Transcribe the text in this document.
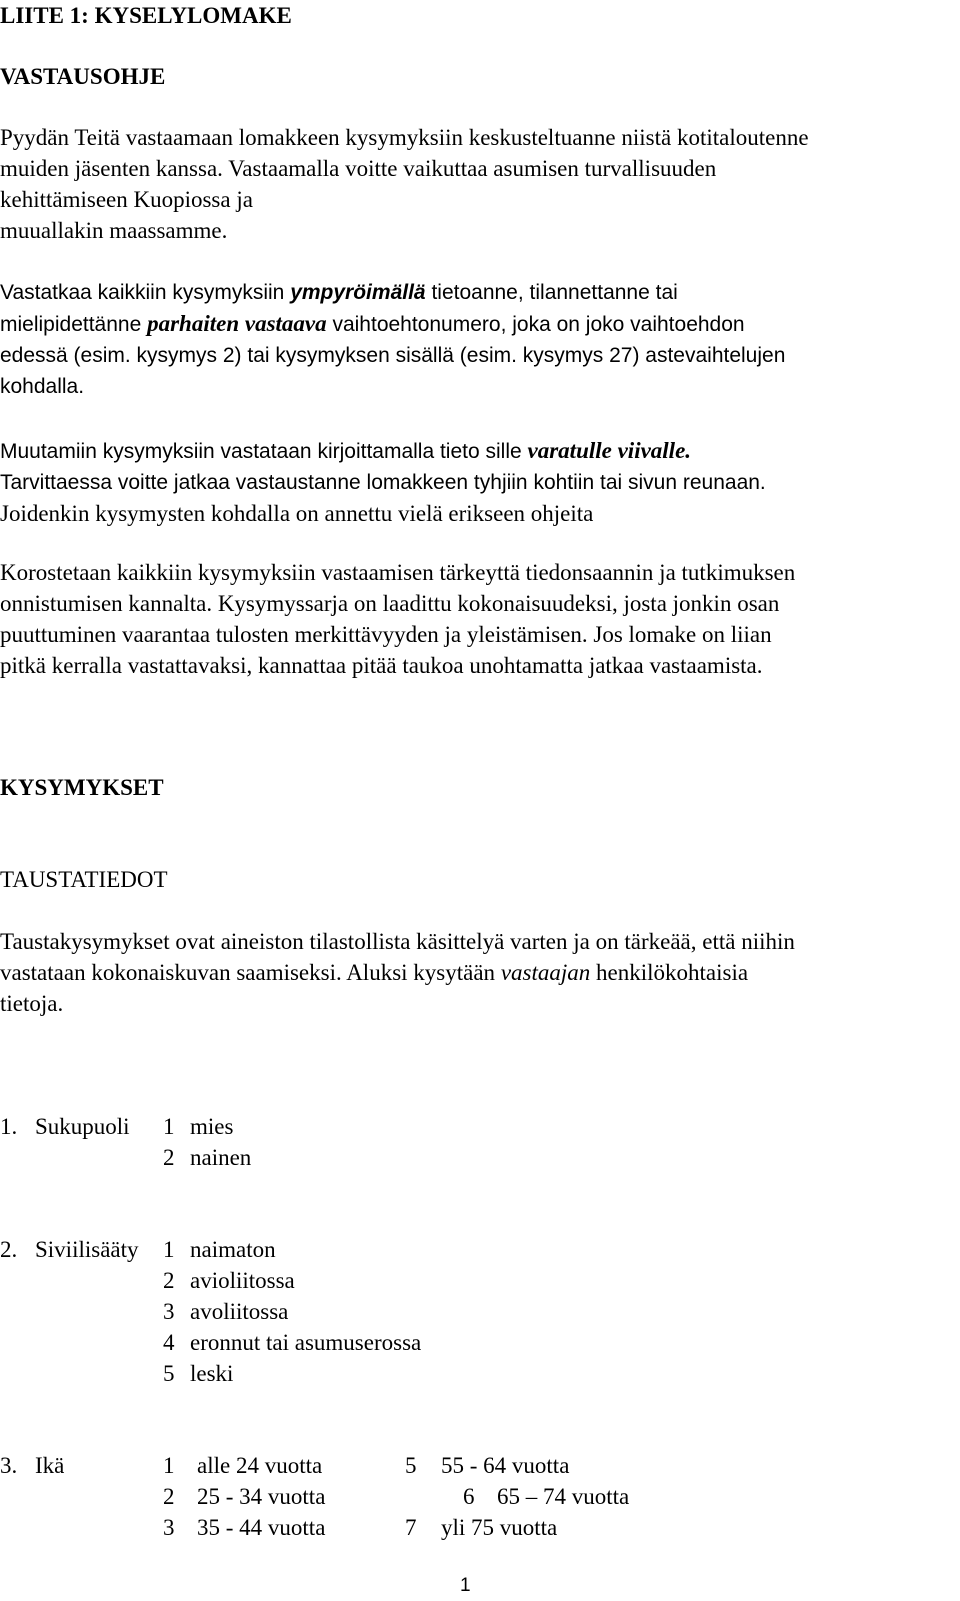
LIITE 1: KYSELYLOMAKE
VASTAUSOHJE
Pyydän Teitä vastaamaan lomakkeen kysymyksiin keskusteltuanne niistä kotitaloutenne
muiden jäsenten kanssa. Vastaamalla voitte vaikuttaa asumisen turvallisuuden
kehittämiseen Kuopiossa ja
muuallakin maassamme.
Vastatkaa kaikkiin kysymyksiin ympyröimällä tietoanne, tilannettanne tai
mielipidettänne parhaiten vastaava vaihtoehtonumero, joka on joko vaihtoehdon
edessä (esim. kysymys 2) tai kysymyksen sisällä (esim. kysymys 27) astevaihtelujen
kohdalla.
Muutamiin kysymyksiin vastataan kirjoittamalla tieto sille varatulle viivalle.
Tarvittaessa voitte jatkaa vastaustanne lomakkeen tyhjiin kohtiin tai sivun reunaan.
Joidenkin kysymysten kohdalla on annettu vielä erikseen ohjeita
Korostetaan kaikkiin kysymyksiin vastaamisen tärkeyttä tiedonsaannin ja tutkimuksen
onnistumisen kannalta. Kysymyssarja on laadittu kokonaisuudeksi, josta jonkin osan
puuttuminen vaarantaa tulosten merkittävyyden ja yleistämisen. Jos lomake on liian
pitkä kerralla vastattavaksi, kannattaa pitää taukoa unohtamatta jatkaa vastaamista.
KYSYMYKSET
TAUSTATIEDOT
Taustakysymykset ovat aineiston tilastollista käsittelyä varten ja on tärkeää, että niihin
vastataan kokonaiskuvan saamiseksi. Aluksi kysytään vastaajan henkilökohtaisia
tietoja.
1. Sukupuoli 1 mies
2 nainen
2. Siviilisääty 1 naimaton
2 avioliitossa
3 avoliitossa
4 eronnut tai asumuserossa
5 leski
3. Ikä	1 alle 24 vuotta
2 25 - 34 vuotta
3 35 - 44 vuotta
5 55 - 64 vuotta
6 65 – 74 vuotta
7 yli 75 vuotta
1
